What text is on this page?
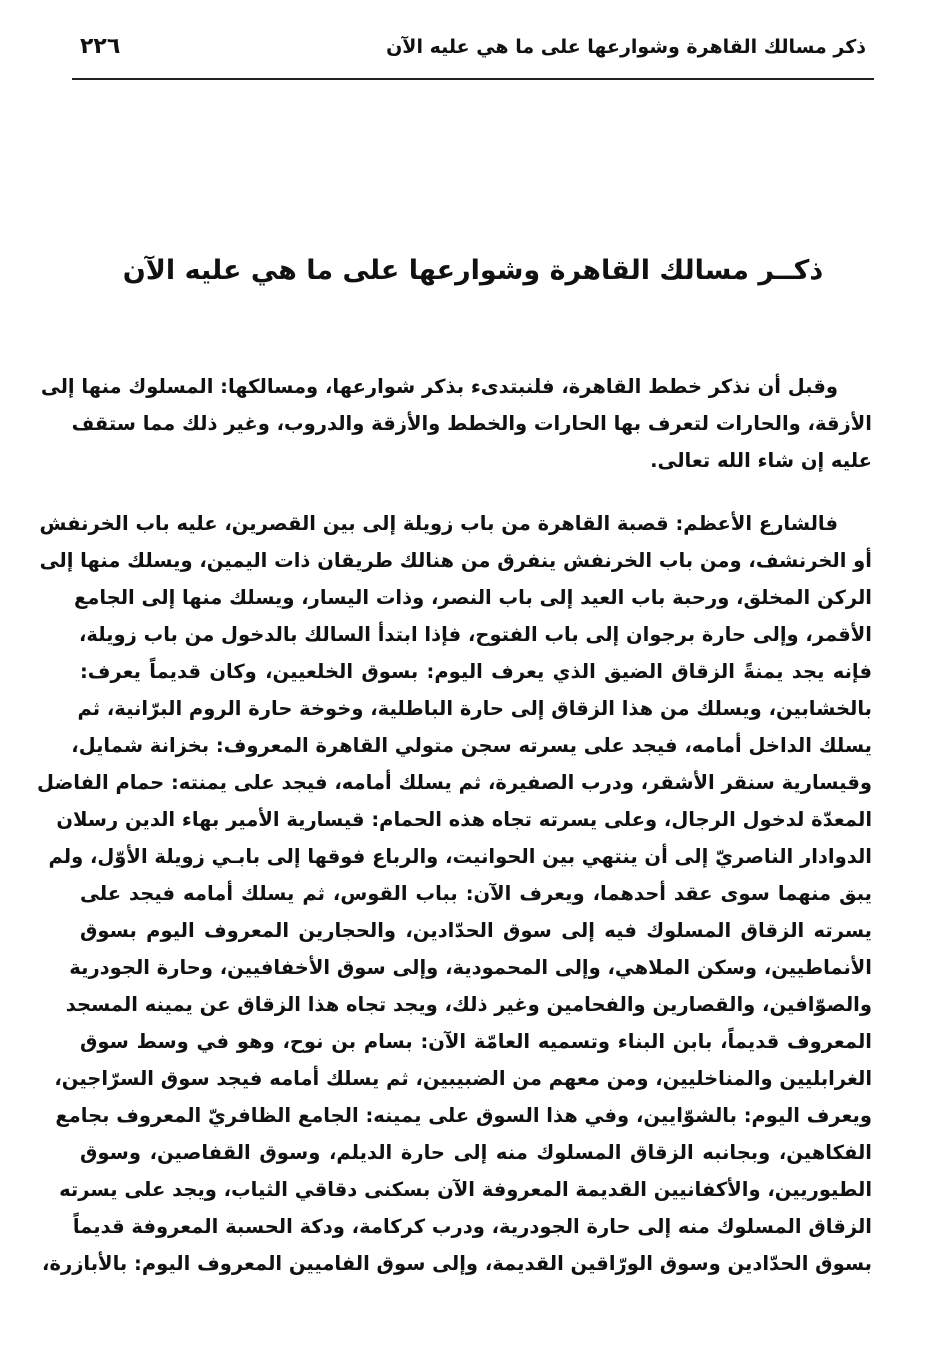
ذكر مسالك القاهرة وشوارعها على ما هي عليه الآن
٢٢٦
ذكــر مسالك القاهرة وشوارعها على ما هي عليه الآن
وقبل أن نذكر خطط القاهرة، فلنبتدىء بذكر شوارعها، ومسالكها: المسلوك منها إلى
الأزقة، والحارات لتعرف بها الحارات والخطط والأزقة والدروب، وغير ذلك مما ستقف
عليه إن شاء الله تعالى.
فالشارع الأعظم: قصبة القاهرة من باب زويلة إلى بين القصرين، عليه باب الخرنفش
أو الخرنشف، ومن باب الخرنفش ينفرق من هنالك طريقان ذات اليمين، ويسلك منها إلى
الركن المخلق، ورحبة باب العيد إلى باب النصر، وذات اليسار، ويسلك منها إلى الجامع
الأقمر، وإلى حارة برجوان إلى باب الفتوح، فإذا ابتدأ السالك بالدخول من باب زويلة،
فإنه يجد يمنةً الزقاق الضيق الذي يعرف اليوم: بسوق الخلعيين، وكان قديماً يعرف:
بالخشابين، ويسلك من هذا الزقاق إلى حارة الباطلية، وخوخة حارة الروم البرّانية، ثم
يسلك الداخل أمامه، فيجد على يسرته سجن متولي القاهرة المعروف: بخزانة شمايل،
وقيسارية سنقر الأشقر، ودرب الصفيرة، ثم يسلك أمامه، فيجد على يمنته: حمام الفاضل
المعدّة لدخول الرجال، وعلى يسرته تجاه هذه الحمام: قيسارية الأمير بهاء الدين رسلان
الدوادار الناصريّ إلى أن ينتهي بين الحوانيت، والرباع فوقها إلى بابـي زويلة الأوّل، ولم
يبق منهما سوى عقد أحدهما، ويعرف الآن: بباب القوس، ثم يسلك أمامه فيجد على
يسرته الزقاق المسلوك فيه إلى سوق الحدّادين، والحجارين المعروف اليوم بسوق
الأنماطيين، وسكن الملاهي، وإلى المحمودية، وإلى سوق الأخفافيين، وحارة الجودرية
والصوّافين، والقصارين والفحامين وغير ذلك، ويجد تجاه هذا الزقاق عن يمينه المسجد
المعروف قديماً، بابن البناء وتسميه العامّة الآن: بسام بن نوح، وهو في وسط سوق
الغرابليين والمناخليين، ومن معهم من الضبيبين، ثم يسلك أمامه فيجد سوق السرّاجين،
ويعرف اليوم: بالشوّايين، وفي هذا السوق على يمينه: الجامع الظافريّ المعروف بجامع
الفكاهين، وبجانبه الزقاق المسلوك منه إلى حارة الديلم، وسوق القفاصين، وسوق
الطيوريين، والأكفانيين القديمة المعروفة الآن بسكنى دقاقي الثياب، ويجد على يسرته
الزقاق المسلوك منه إلى حارة الجودرية، ودرب كركامة، ودكة الحسبة المعروفة قديماً
بسوق الحدّادين وسوق الورّاقين القديمة، وإلى سوق الفاميين المعروف اليوم: بالأبازرة،
